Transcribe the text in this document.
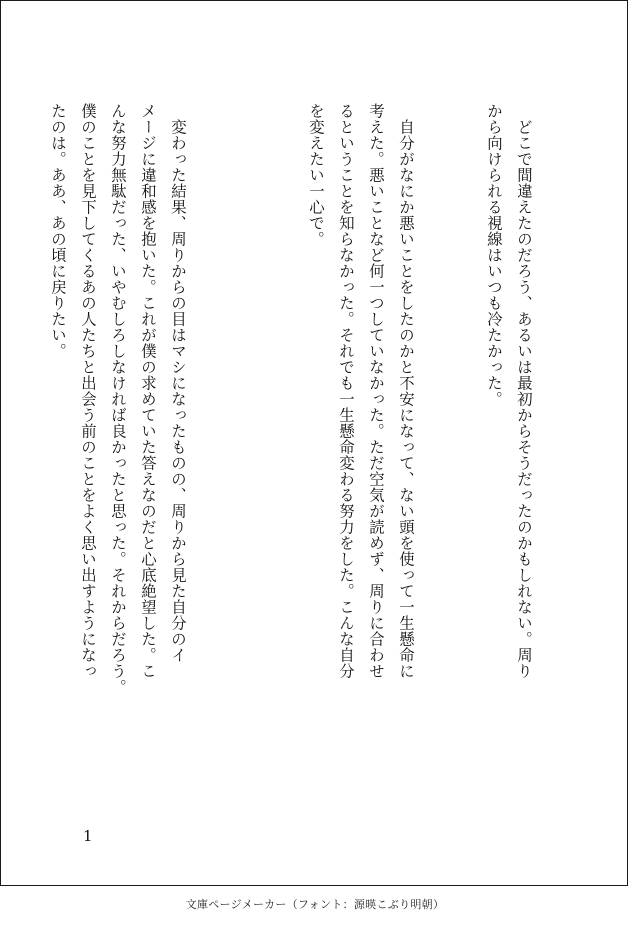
　どこで間違えたのだろう、あるいは最初からそうだったのかもしれない。周り
から向けられる視線はいつも冷たかった。
　自分がなにか悪いことをしたのかと不安になって、ない頭を使って一生懸命に
考えた。悪いことなど何一つしていなかった。ただ空気が読めず、周りに合わせ
るということを知らなかった。それでも一生懸命変わる努力をした。こんな自分
を変えたい一心で。
　変わった結果、周りからの目はマシになったものの、周りから見た自分のイ
メージに違和感を抱いた。これが僕の求めていた答えなのだと心底絶望した。こ
んな努力無駄だった、いやむしろしなければ良かったと思った。それからだろう。
僕のことを見下してくるあの人たちと出会う前のことをよく思い出すようになっ
たのは。ああ、あの頃に戻りたい。
1
文庫ページメーカー（フォント：源暎こぶり明朝）
